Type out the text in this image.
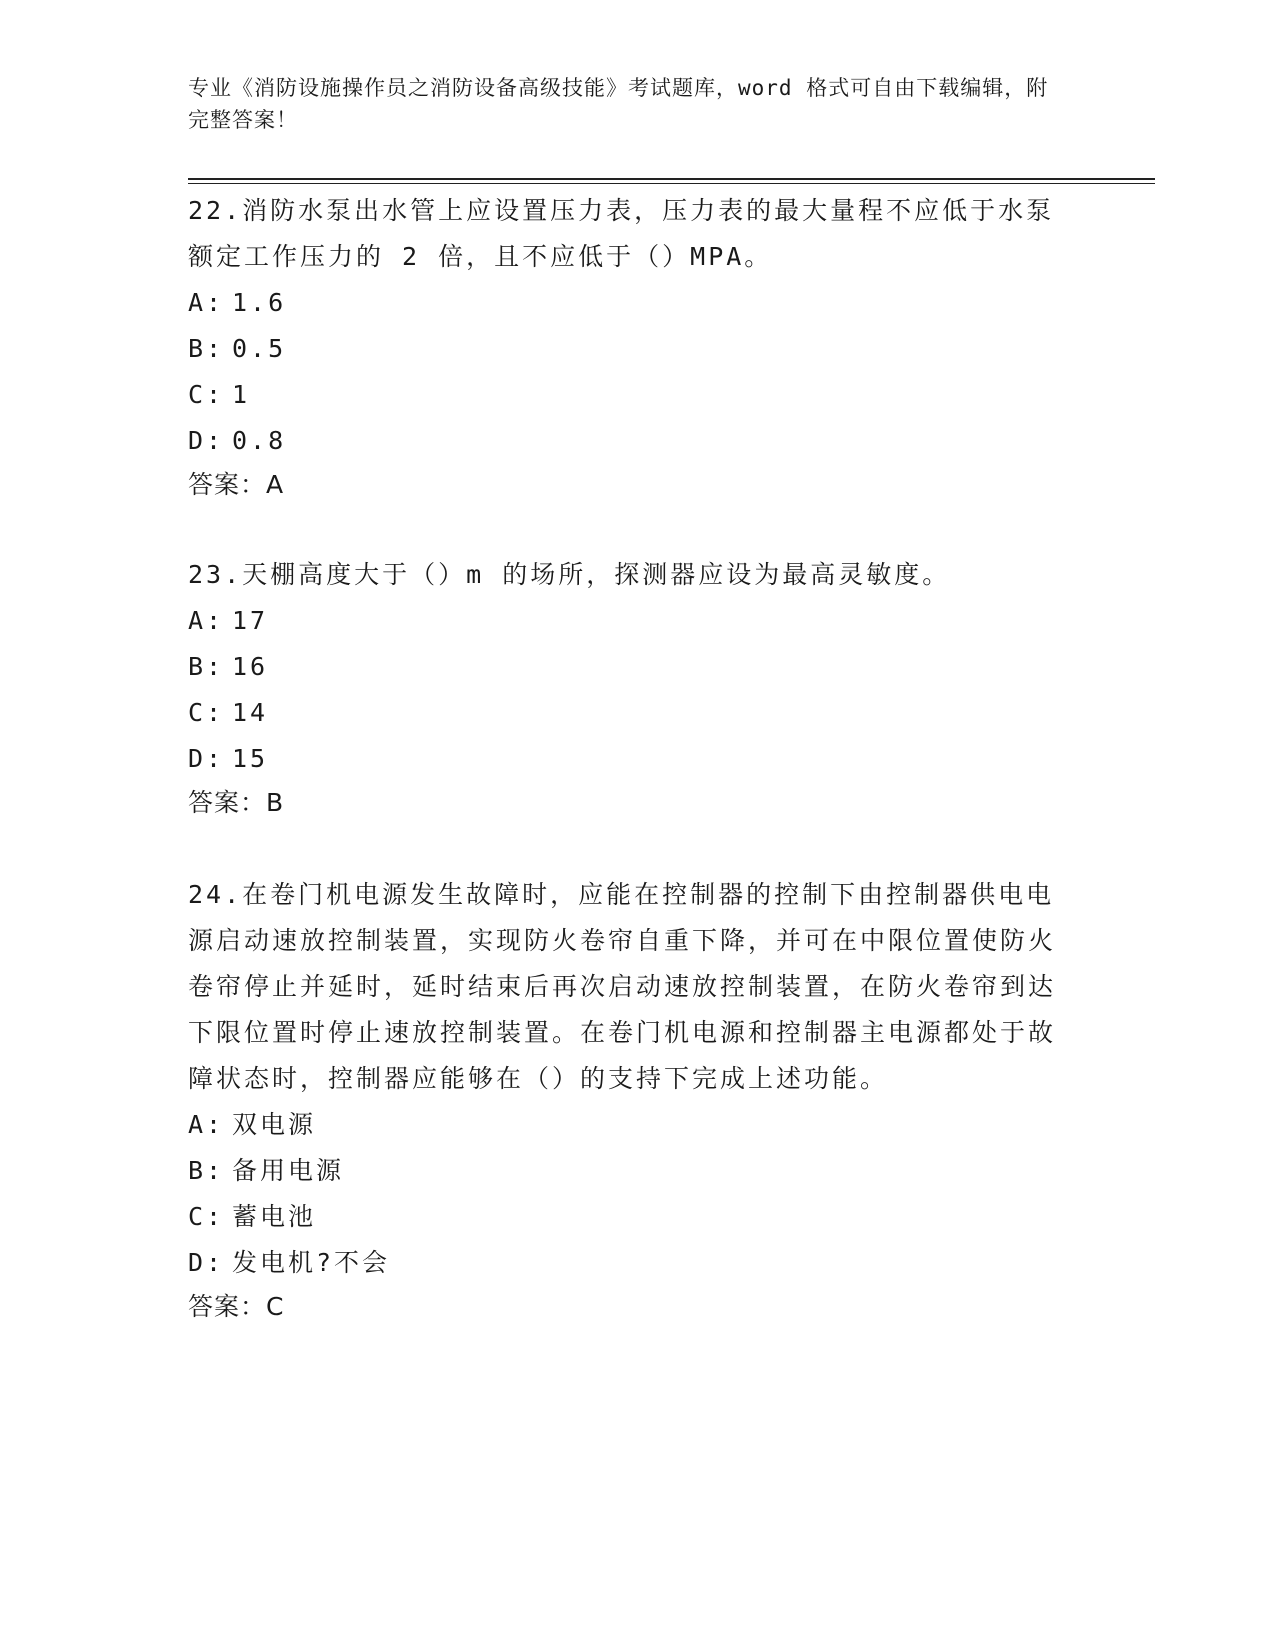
专业《消防设施操作员之消防设备高级技能》考试题库，word 格式可自由下载编辑，附完整答案！

22.消防水泵出水管上应设置压力表，压力表的最大量程不应低于水泵额定工作压力的 2 倍，且不应低于（）MPA。

A: 1.6

B: 0.5

C: 1

D: 0.8

答案：A

23.天棚高度大于（）m 的场所，探测器应设为最高灵敏度。

A: 17

B: 16

C: 14

D: 15

答案：B

24.在卷门机电源发生故障时，应能在控制器的控制下由控制器供电电源启动速放控制装置，实现防火卷帘自重下降，并可在中限位置使防火卷帘停止并延时，延时结束后再次启动速放控制装置，在防火卷帘到达下限位置时停止速放控制装置。在卷门机电源和控制器主电源都处于故障状态时，控制器应能够在（）的支持下完成上述功能。

A: 双电源

B: 备用电源

C: 蓄电池

D: 发电机?不会

答案：C
